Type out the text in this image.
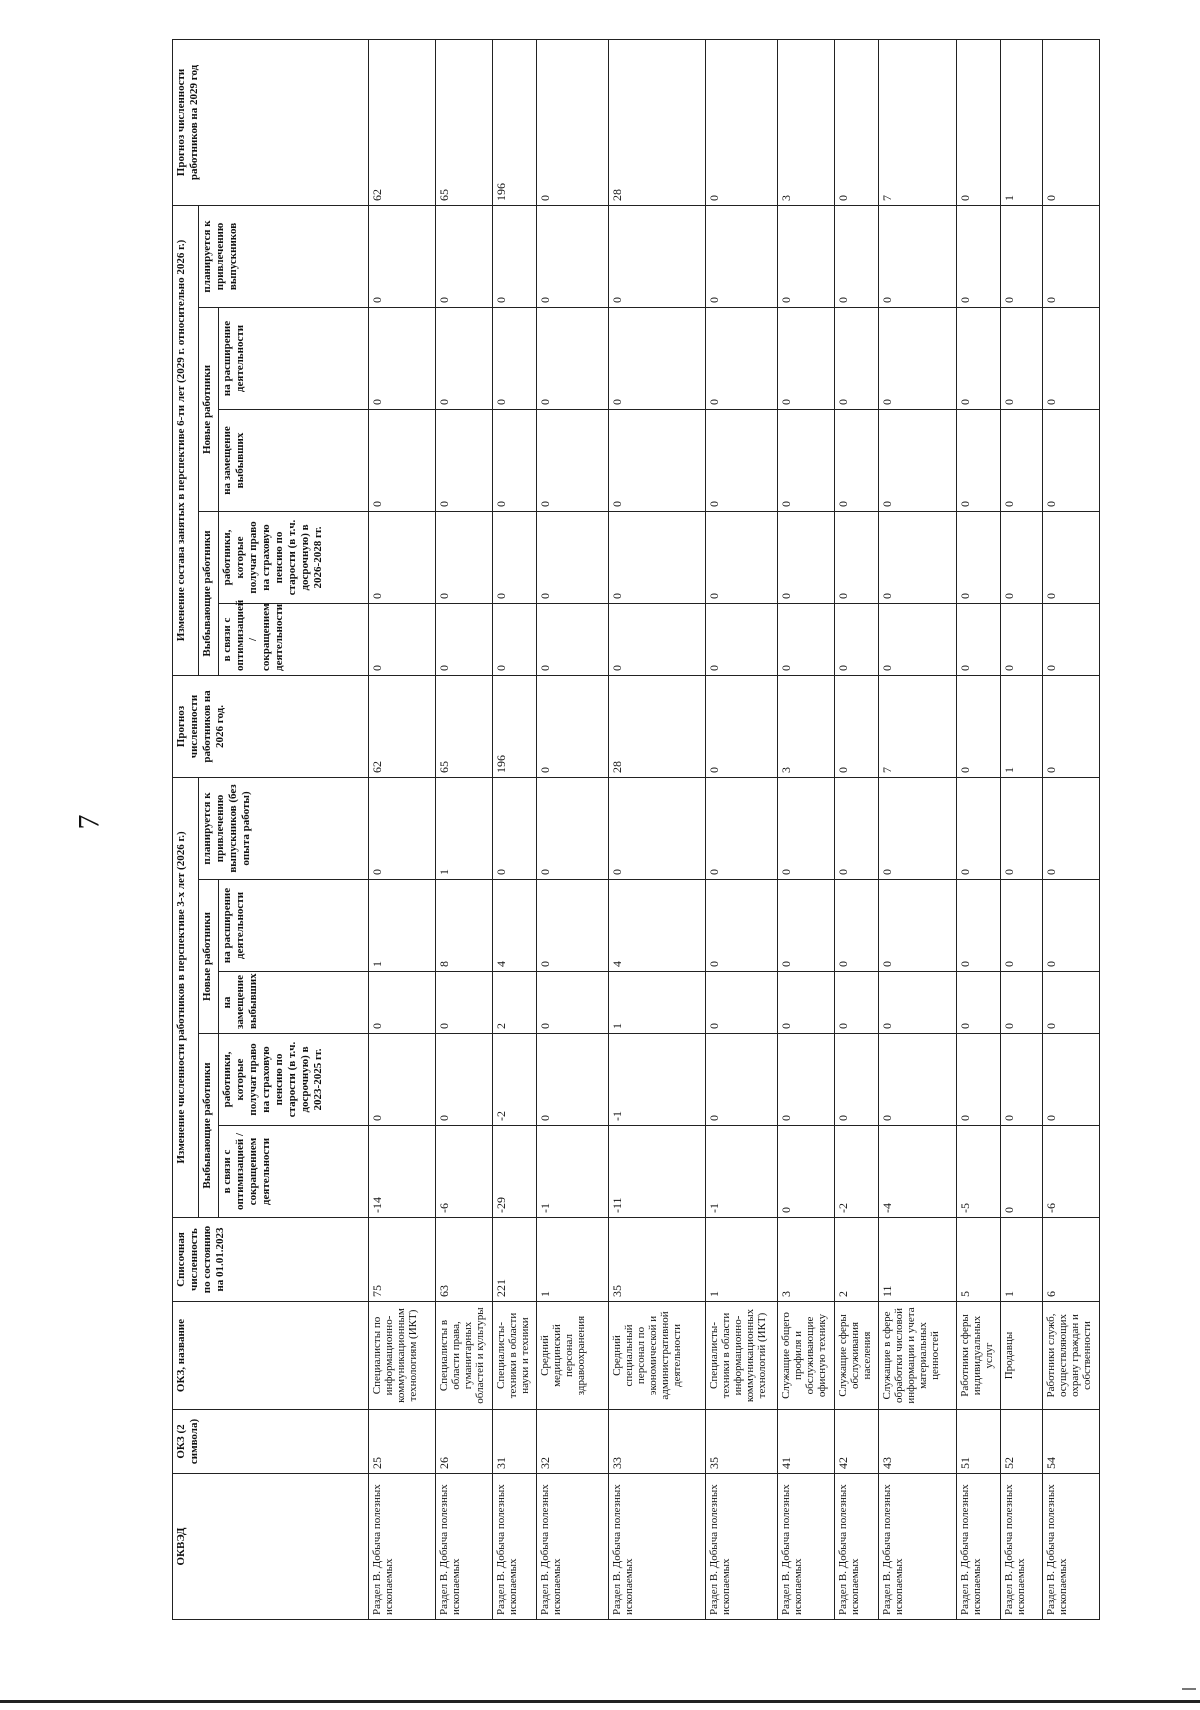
7
ОКВЭД	ОКЗ (2 символа)	ОКЗ, название	Списочная численность по состоянию на 01.01.2023	Изменение численности работников в перспективе 3-х лет (2026 г.)					Прогноз численности работников на 2026 год.	Изменение состава занятых в перспективе 6-ти лет (2029 г. относительно 2026 г.)					Прогноз численности работников на 2029 год
				Выбывающие работники		Новые работники		планируется к привлечению выпускников (без опыта работы)		Выбывающие работники		Новые работники		планируется к привлечению выпускников	
				в связи с оптимизацией / сокращением деятельности	работники, которые получат право на страховую пенсию по старости (в т.ч. досрочную) в 2023-2025 гг.	на замещение выбывших	на расширение деятельности			в связи с оптимизацией / сокращением деятельности	работники, которые получат право на страховую пенсию по старости (в т.ч. досрочную) в 2026-2028 гг.	на замещение выбывших	на расширение деятельности		
Раздел В. Добыча полезных ископаемых	25	Специалисты по информационно-коммуникационным технологиям (ИКТ)	75	-14	0	0	1	0	62	0	0	0	0	0	62
Раздел В. Добыча полезных ископаемых	26	Специалисты в области права, гуманитарных областей и культуры	63	-6	0	0	8	1	65	0	0	0	0	0	65
Раздел В. Добыча полезных ископаемых	31	Специалисты-техники в области науки и техники	221	-29	-2	2	4	0	196	0	0	0	0	0	196
Раздел В. Добыча полезных ископаемых	32	Средний медицинский персонал здравоохранения	1	-1	0	0	0	0	0	0	0	0	0	0	0
Раздел В. Добыча полезных ископаемых	33	Средний специальный персонал по экономической и административной деятельности	35	-11	-1	1	4	0	28	0	0	0	0	0	28
Раздел В. Добыча полезных ископаемых	35	Специалисты-техники в области информационно-коммуникационных технологий (ИКТ)	1	-1	0	0	0	0	0	0	0	0	0	0	0
Раздел В. Добыча полезных ископаемых	41	Служащие общего профиля и обслуживающие офисную технику	3	0	0	0	0	0	3	0	0	0	0	0	3
Раздел В. Добыча полезных ископаемых	42	Служащие сферы обслуживания населения	2	-2	0	0	0	0	0	0	0	0	0	0	0
Раздел В. Добыча полезных ископаемых	43	Служащие в сфере обработки числовой информации и учета материальных ценностей	11	-4	0	0	0	0	7	0	0	0	0	0	7
Раздел В. Добыча полезных ископаемых	51	Работники сферы индивидуальных услуг	5	-5	0	0	0	0	0	0	0	0	0	0	0
Раздел В. Добыча полезных ископаемых	52	Продавцы	1	0	0	0	0	0	1	0	0	0	0	0	1
Раздел В. Добыча полезных ископаемых	54	Работники служб, осуществляющих охрану граждан и собственности	6	-6	0	0	0	0	0	0	0	0	0	0	0
